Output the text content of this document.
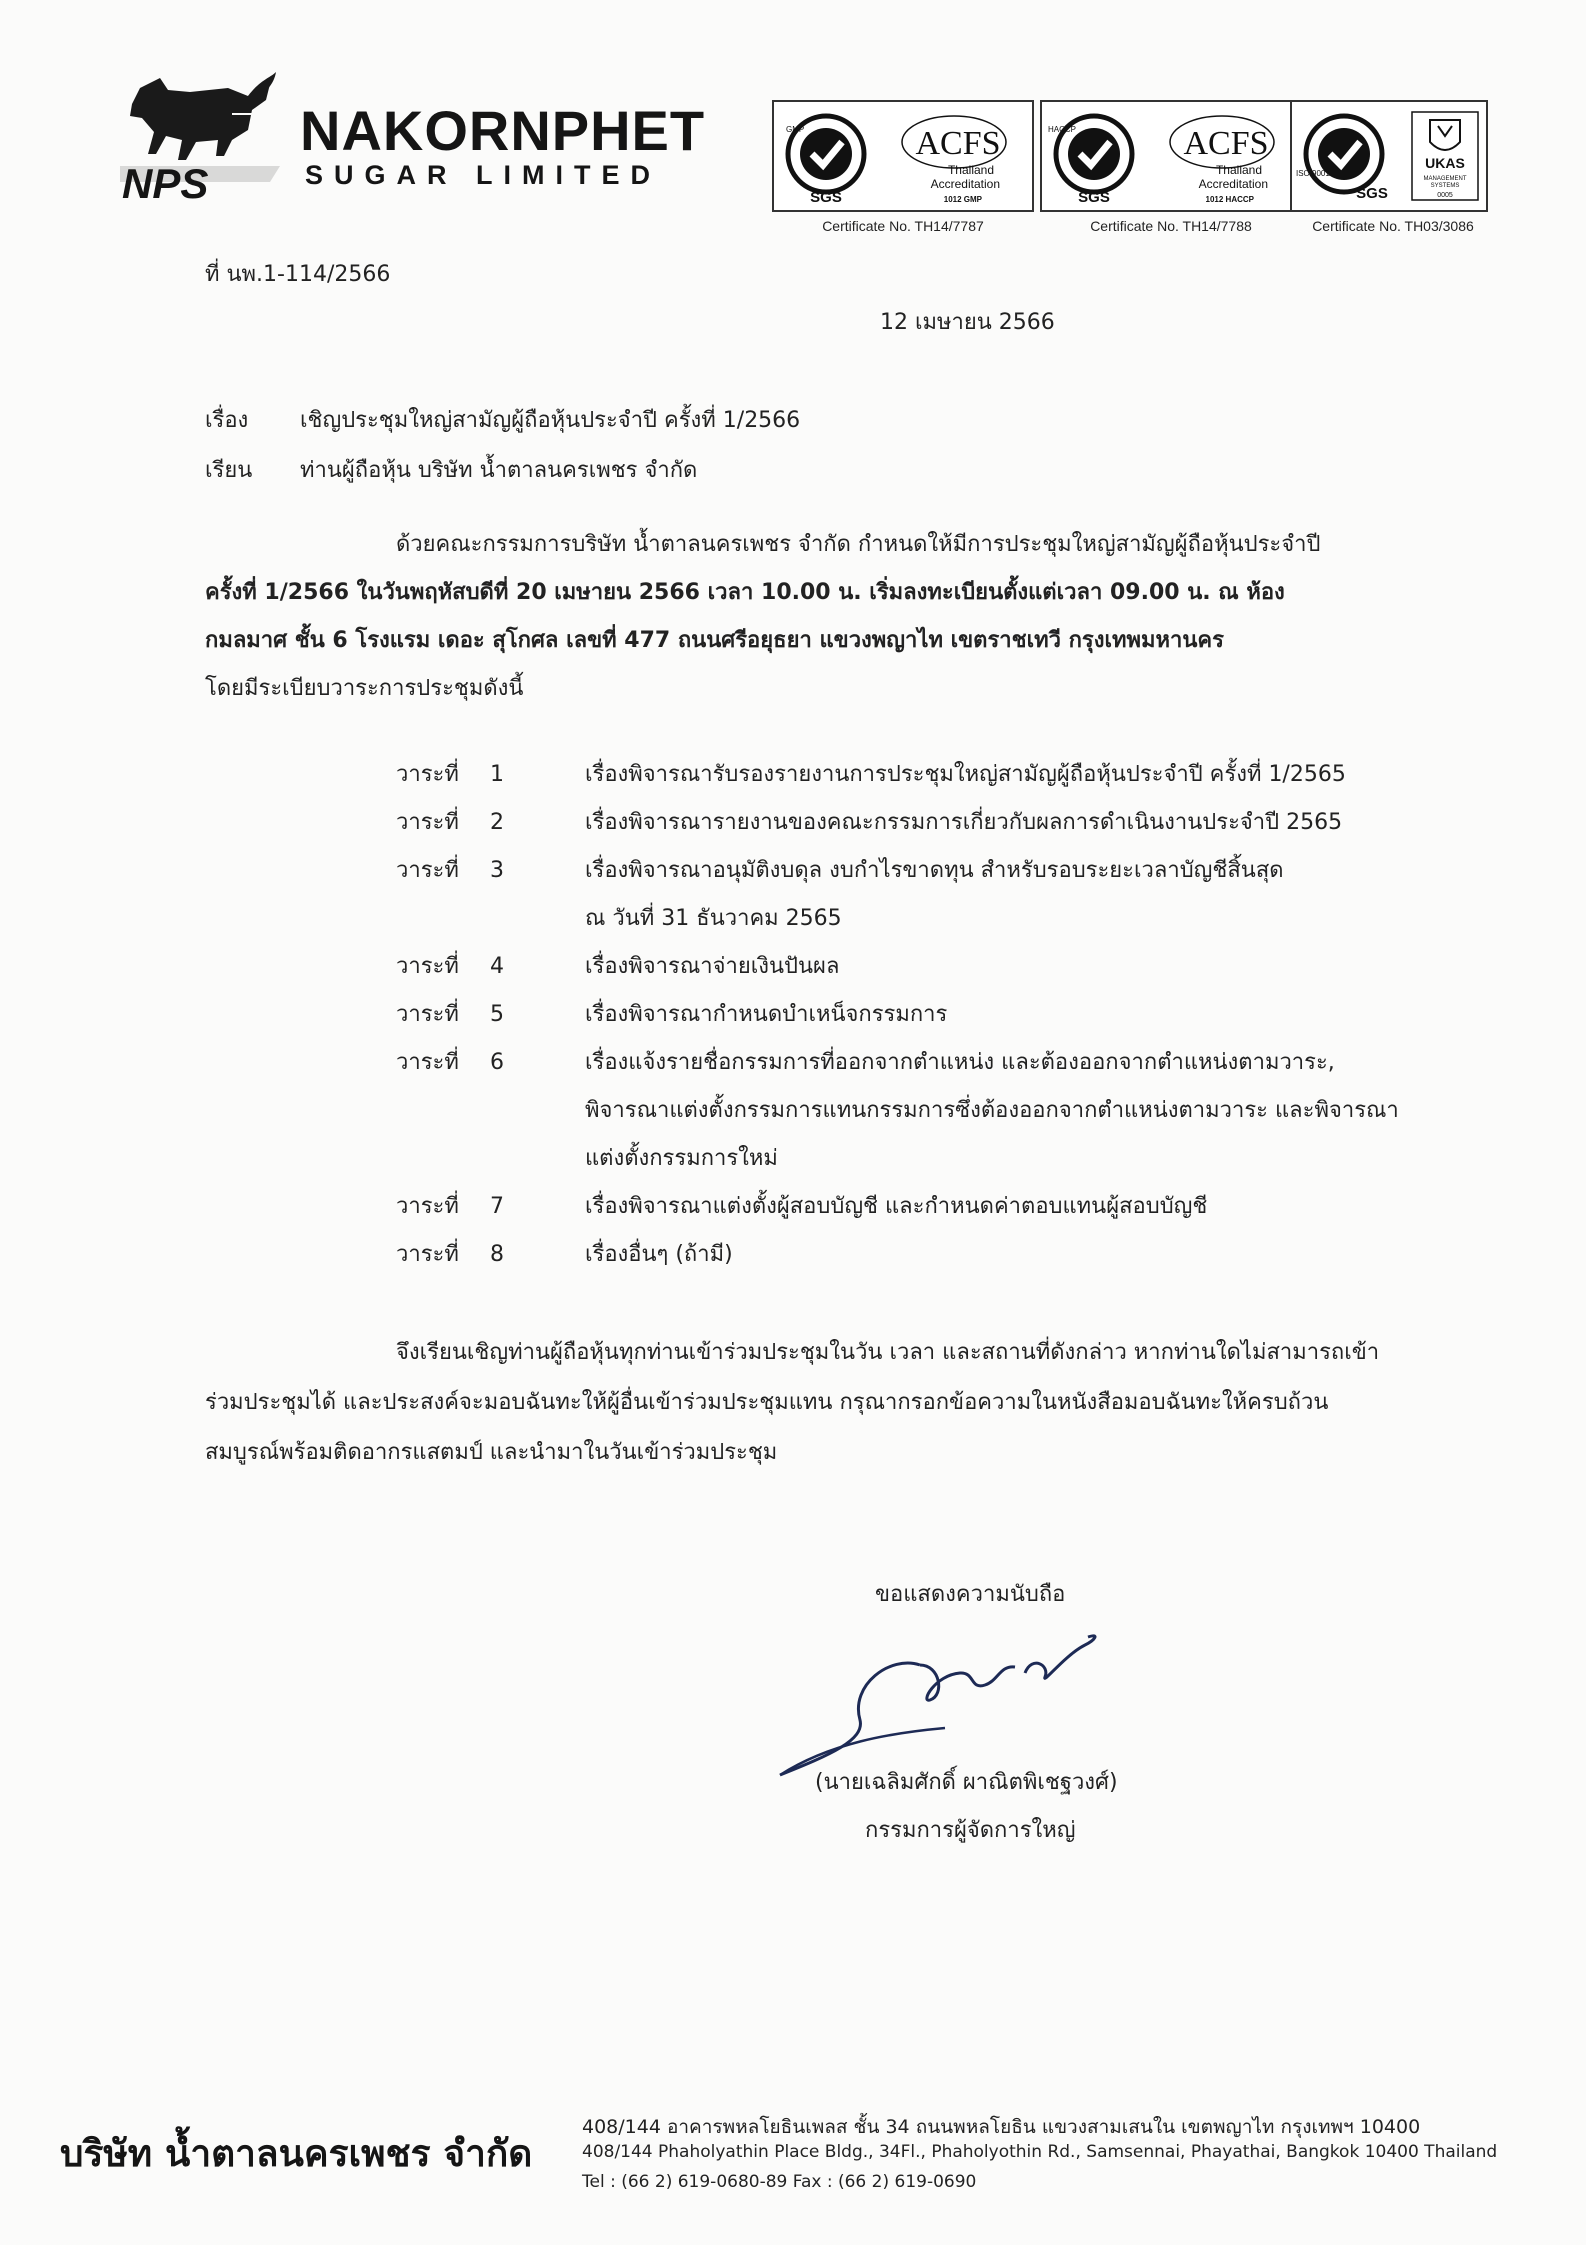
NPS
NAKORNPHET
SUGAR LIMITED
SGS
GMP	ACFS
Thailand
Accreditation
1012 GMP
Certificate No. TH14/7787
SGS
HACCP	ACFS
Thailand
Accreditation
1012 HACCP
Certificate No. TH14/7788
SGS
ISO 9001
UKAS
MANAGEMENT
SYSTEMS
0005
Certificate No. TH03/3086
ที่ นพ.1-114/2566
12 เมษายน 2566
เรื่อง เชิญประชุมใหญ่สามัญผู้ถือหุ้นประจำปี ครั้งที่ 1/2566
เรียน ท่านผู้ถือหุ้น บริษัท น้ำตาลนครเพชร จำกัด
ด้วยคณะกรรมการบริษัท น้ำตาลนครเพชร จำกัด กำหนดให้มีการประชุมใหญ่สามัญผู้ถือหุ้นประจำปี
ครั้งที่ 1/2566 ในวันพฤหัสบดีที่ 20 เมษายน 2566 เวลา 10.00 น. เริ่มลงทะเบียนตั้งแต่เวลา 09.00 น. ณ ห้อง
กมลมาศ ชั้น 6 โรงแรม เดอะ สุโกศล เลขที่ 477 ถนนศรีอยุธยา แขวงพญาไท เขตราชเทวี กรุงเทพมหานคร
โดยมีระเบียบวาระการประชุมดังนี้
วาระที่ 1	เรื่องพิจารณารับรองรายงานการประชุมใหญ่สามัญผู้ถือหุ้นประจำปี ครั้งที่ 1/2565
วาระที่ 2	เรื่องพิจารณารายงานของคณะกรรมการเกี่ยวกับผลการดำเนินงานประจำปี 2565
วาระที่ 3	เรื่องพิจารณาอนุมัติงบดุล งบกำไรขาดทุน สำหรับรอบระยะเวลาบัญชีสิ้นสุด
ณ วันที่ 31 ธันวาคม 2565
วาระที่ 4	เรื่องพิจารณาจ่ายเงินปันผล
วาระที่ 5	เรื่องพิจารณากำหนดบำเหน็จกรรมการ
วาระที่ 6	เรื่องแจ้งรายชื่อกรรมการที่ออกจากตำแหน่ง และต้องออกจากตำแหน่งตามวาระ,
พิจารณาแต่งตั้งกรรมการแทนกรรมการซึ่งต้องออกจากตำแหน่งตามวาระ และพิจารณา
แต่งตั้งกรรมการใหม่
วาระที่ 7	เรื่องพิจารณาแต่งตั้งผู้สอบบัญชี และกำหนดค่าตอบแทนผู้สอบบัญชี
วาระที่ 8	เรื่องอื่นๆ (ถ้ามี)
จึงเรียนเชิญท่านผู้ถือหุ้นทุกท่านเข้าร่วมประชุมในวัน เวลา และสถานที่ดังกล่าว หากท่านใดไม่สามารถเข้า
ร่วมประชุมได้ และประสงค์จะมอบฉันทะให้ผู้อื่นเข้าร่วมประชุมแทน กรุณากรอกข้อความในหนังสือมอบฉันทะให้ครบถ้วน
สมบูรณ์พร้อมติดอากรแสตมป์ และนำมาในวันเข้าร่วมประชุม
ขอแสดงความนับถือ
(นายเฉลิมศักดิ์ ผาณิตพิเชฐวงศ์)
กรรมการผู้จัดการใหญ่
บริษัท น้ำตาลนครเพชร จำกัด
408/144 อาคารพหลโยธินเพลส ชั้น 34 ถนนพหลโยธิน แขวงสามเสนใน เขตพญาไท กรุงเทพฯ 10400
408/144 Phaholyathin Place Bldg., 34Fl., Phaholyothin Rd., Samsennai, Phayathai, Bangkok 10400 Thailand
Tel : (66 2) 619-0680-89 Fax : (66 2) 619-0690
